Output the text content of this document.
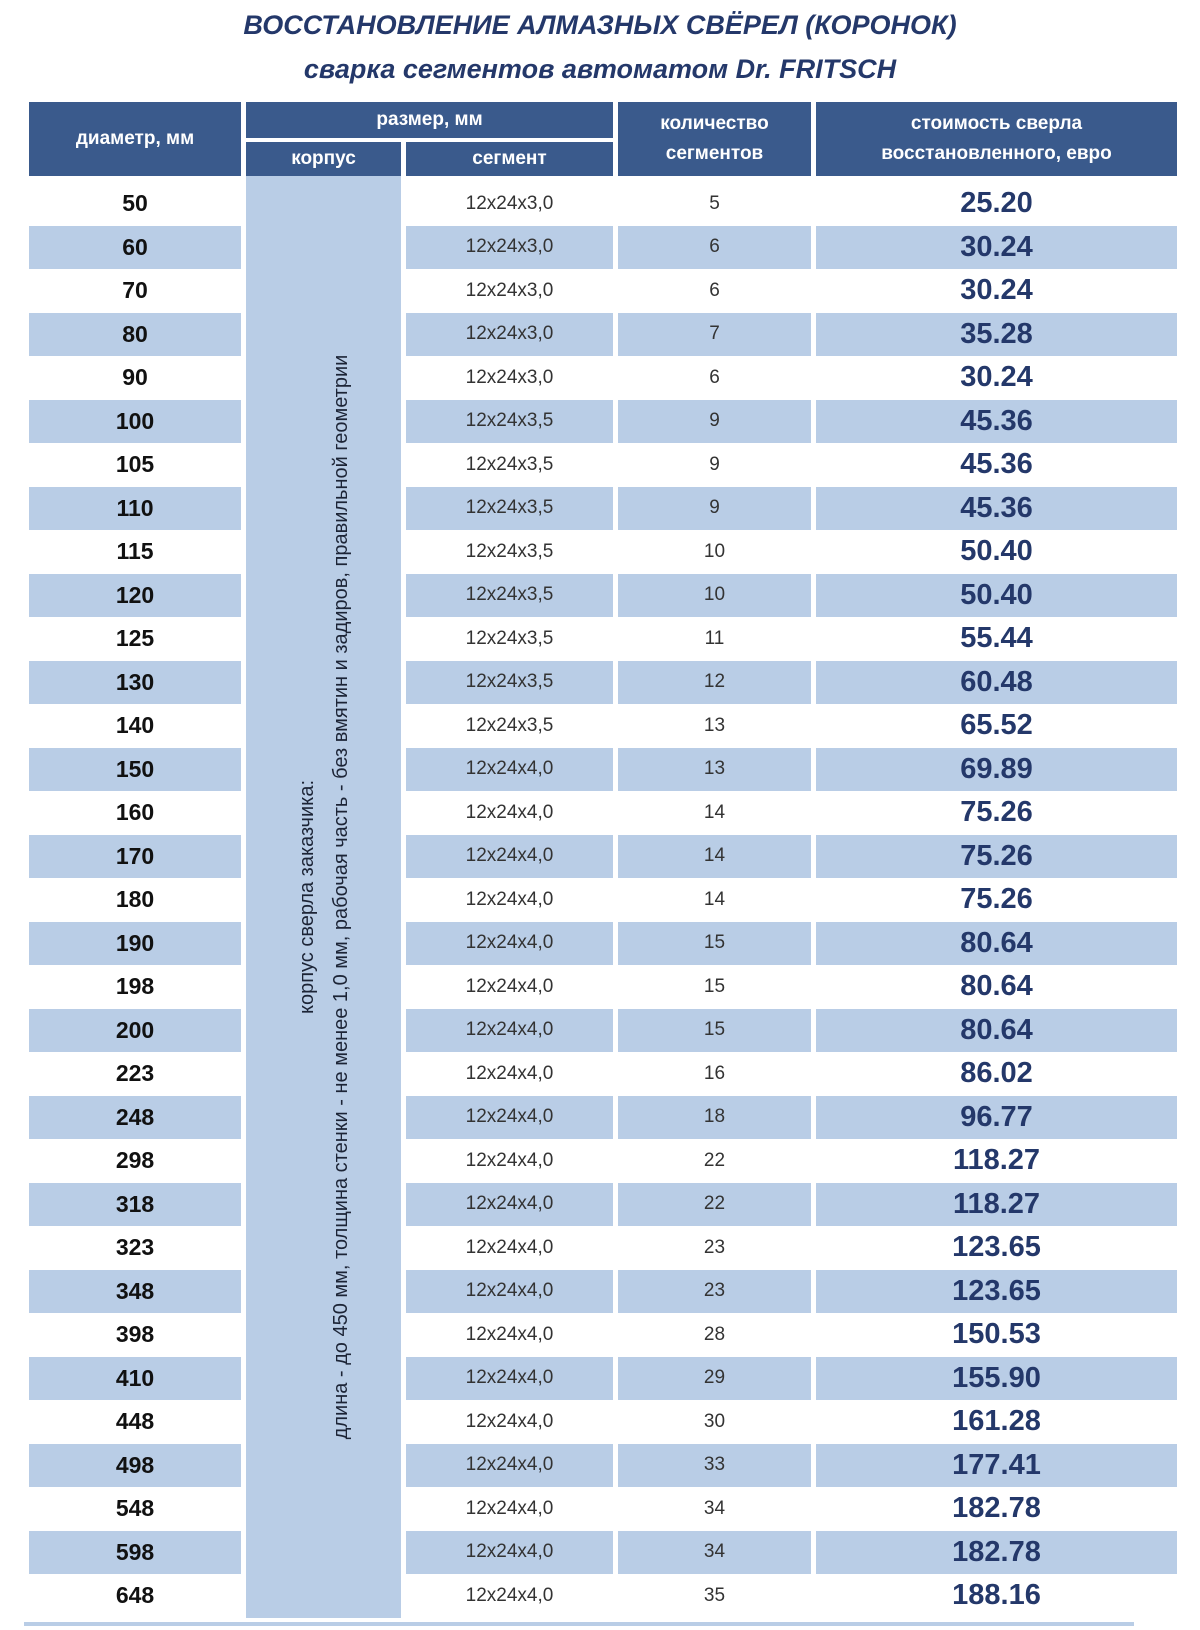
ВОССТАНОВЛЕНИЕ АЛМАЗНЫХ СВЁРЕЛ (КОРОНОК)
сварка сегментов автоматом Dr. FRITSCH
диаметр, мм	размер, мм		количество сегментов	стоимость сверла восстановленного, евро
	корпус	сегмент		
50	корпус сверла заказчика: длина - до 450 мм, толщина стенки - не менее 1,0 мм, рабочая часть - без вмятин и задиров, правильной геометрии	12x24x3,0	5	25.20
60		12x24x3,0	6	30.24
70		12x24x3,0	6	30.24
80		12x24x3,0	7	35.28
90		12x24x3,0	6	30.24
100		12x24x3,5	9	45.36
105		12x24x3,5	9	45.36
110		12x24x3,5	9	45.36
115		12x24x3,5	10	50.40
120		12x24x3,5	10	50.40
125		12x24x3,5	11	55.44
130		12x24x3,5	12	60.48
140		12x24x3,5	13	65.52
150		12x24x4,0	13	69.89
160		12x24x4,0	14	75.26
170		12x24x4,0	14	75.26
180		12x24x4,0	14	75.26
190		12x24x4,0	15	80.64
198		12x24x4,0	15	80.64
200		12x24x4,0	15	80.64
223		12x24x4,0	16	86.02
248		12x24x4,0	18	96.77
298		12x24x4,0	22	118.27
318		12x24x4,0	22	118.27
323		12x24x4,0	23	123.65
348		12x24x4,0	23	123.65
398		12x24x4,0	28	150.53
410		12x24x4,0	29	155.90
448		12x24x4,0	30	161.28
498		12x24x4,0	33	177.41
548		12x24x4,0	34	182.78
598		12x24x4,0	34	182.78
648		12x24x4,0	35	188.16
